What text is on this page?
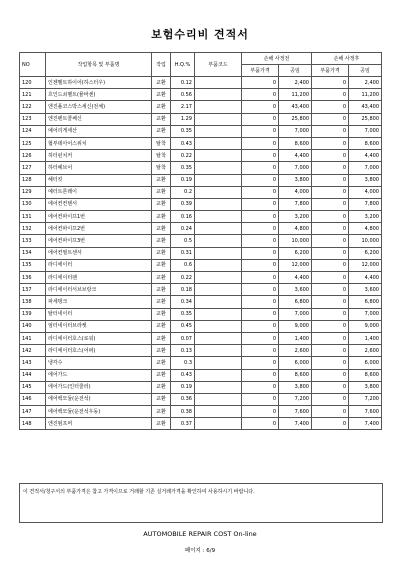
보험수리비 견적서
NO	작업항목 및 부품명	작업	H.Q.%	부품코드	손해 사정전		손해 사정후	
					부품가격	공임	부품가격	공임
120	인젠벨트하이어(하스터우)	교환	0.12		0	2,400	0	2,400
121	흐인드쇠벨트(뮬바센)	교환	0.56		0	11,200	0	11,200
122	엔진폴코스박스세신(전체)	교환	2.17		0	43,400	0	43,400
123	엔진펜트쿨쎄신	교환	1.29		0	25,800	0	25,800
124	예어리게세산	교환	0.35		0	7,000	0	7,000
125	협부데아어스위치	탈착	0.43		0	8,600	0	8,600
126	허터펀치커	탈착	0.22		0	4,400	0	4,400
127	하터헤브어	탈착	0.35		0	7,000	0	7,000
128	헤터킷	교환	0.19		0	3,800	0	3,800
129	예터트론레이	교환	0.2		0	4,000	0	4,000
130	에어컨컨텐서	교환	0.39		0	7,800	0	7,800
131	에어컨파이프1번	교환	0.16		0	3,200	0	3,200
132	에어컨파이프2번	교환	0.24		0	4,800	0	4,800
133	에어컨파이프3번	교환	0.5		0	10,000	0	10,000
134	에어컨필트센서	교환	0.31		0	6,200	0	6,200
135	라디에이터	교환	0.6		0	12,000	0	12,000
136	라디에이터팬	교환	0.22		0	4,400	0	4,400
137	라디에이터서브브랑크	교환	0.18		0	3,600	0	3,600
138	파세탱크	교환	0.34		0	6,800	0	6,800
139	탈터네이터	교환	0.35		0	7,000	0	7,000
140	엄터네이터브라켓	교환	0.45		0	9,000	0	9,000
141	라디에이터호스(로워)	교환	0.07		0	1,400	0	1,400
142	라디에이터호스(어퍼)	교환	0.13		0	2,600	0	2,600
143	냉각수	교환	0.3		0	6,000	0	6,000
144	에어가드	교환	0.43		0	8,600	0	8,600
145	에어가드(인터쿨러)	교환	0.19		0	3,800	0	3,800
146	에어백모듈(운전석)	교환	0.36		0	7,200	0	7,200
147	에어백모듈(운전석우동)	교환	0.38		0	7,600	0	7,600
148	엔진펌프머	교환	0.37		0	7,400	0	7,400
이 견적서/청구서의 부품가격은 참고 가격이므로 거래할 기존 실거래가격을 확인하여 사용하시기 바랍니다.
AUTOMOBILE REPAIR COST On-line
페이지 : 6/9
